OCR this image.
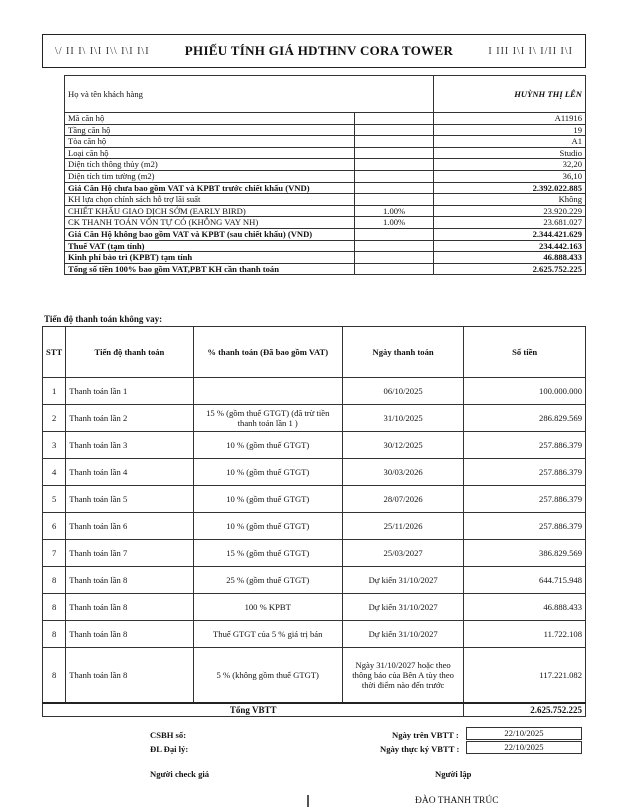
\/ II I\ I\I I\\ I\I I\I	PHIẾU TÍNH GIÁ HDTHNV CORA TOWER	I III I\I I\ I/II I\I
Họ và tên khách hàng		HUỲNH THỊ LÊN
Mã căn hộ		A11916
Tầng căn hộ		19
Tòa căn hộ		A1
Loại căn hộ		Studio
Diện tích thông thủy (m2)		32,20
Diện tích tim tường (m2)		36,10
Giá Căn Hộ chưa bao gồm VAT và KPBT trước chiết khấu (VND)		2.392.022.885
KH lựa chọn chính sách hỗ trợ lãi suất		Không
CHIẾT KHẤU GIAO DỊCH SỚM (EARLY BIRD)	1.00%	23.920.229
CK THANH TOÁN VỐN TỰ CÓ (KHÔNG VAY NH)	1.00%	23.681.027
Giá Căn Hộ không bao gồm VAT và KPBT (sau chiết khấu) (VND)		2.344.421.629
Thuế VAT (tạm tính)		234.442.163
Kinh phí bảo trì (KPBT) tạm tính		46.888.433
Tổng số tiền 100% bao gồm VAT,PBT KH cần thanh toán		2.625.752.225
Tiến độ thanh toán không vay:
STT	Tiến độ thanh toán	% thanh toán (Đã bao gồm VAT)	Ngày thanh toán	Số tiền
1	Thanh toán lần 1		06/10/2025	100.000.000
2	Thanh toán lần 2	15 % (gồm thuế GTGT) (đã trừ tiền thanh toán lần 1 )	31/10/2025	286.829.569
3	Thanh toán lần 3	10 % (gồm thuế GTGT)	30/12/2025	257.886.379
4	Thanh toán lần 4	10 % (gồm thuế GTGT)	30/03/2026	257.886.379
5	Thanh toán lần 5	10 % (gồm thuế GTGT)	28/07/2026	257.886.379
6	Thanh toán lần 6	10 % (gồm thuế GTGT)	25/11/2026	257.886.379
7	Thanh toán lần 7	15 % (gồm thuế GTGT)	25/03/2027	386.829.569
8	Thanh toán lần 8	25 % (gồm thuế GTGT)	Dự kiến 31/10/2027	644.715.948
8	Thanh toán lần 8	100 % KPBT	Dự kiến 31/10/2027	46.888.433
8	Thanh toán lần 8	Thuế GTGT của 5 % giá trị bán	Dự kiến 31/10/2027	11.722.108
8	Thanh toán lần 8	5 % (không gồm thuế GTGT)	Ngày 31/10/2027 hoặc theo thông báo của Bên A tùy theo thời điểm nào đến trước	117.221.082
Tổng VBTT				2.625.752.225
CSBH số:
ĐL Đại lý:
Người check giá
Ngày trên VBTT :	22/10/2025
Ngày thực ký VBTT :	22/10/2025
Người lập
ĐÀO THANH TRÚC
